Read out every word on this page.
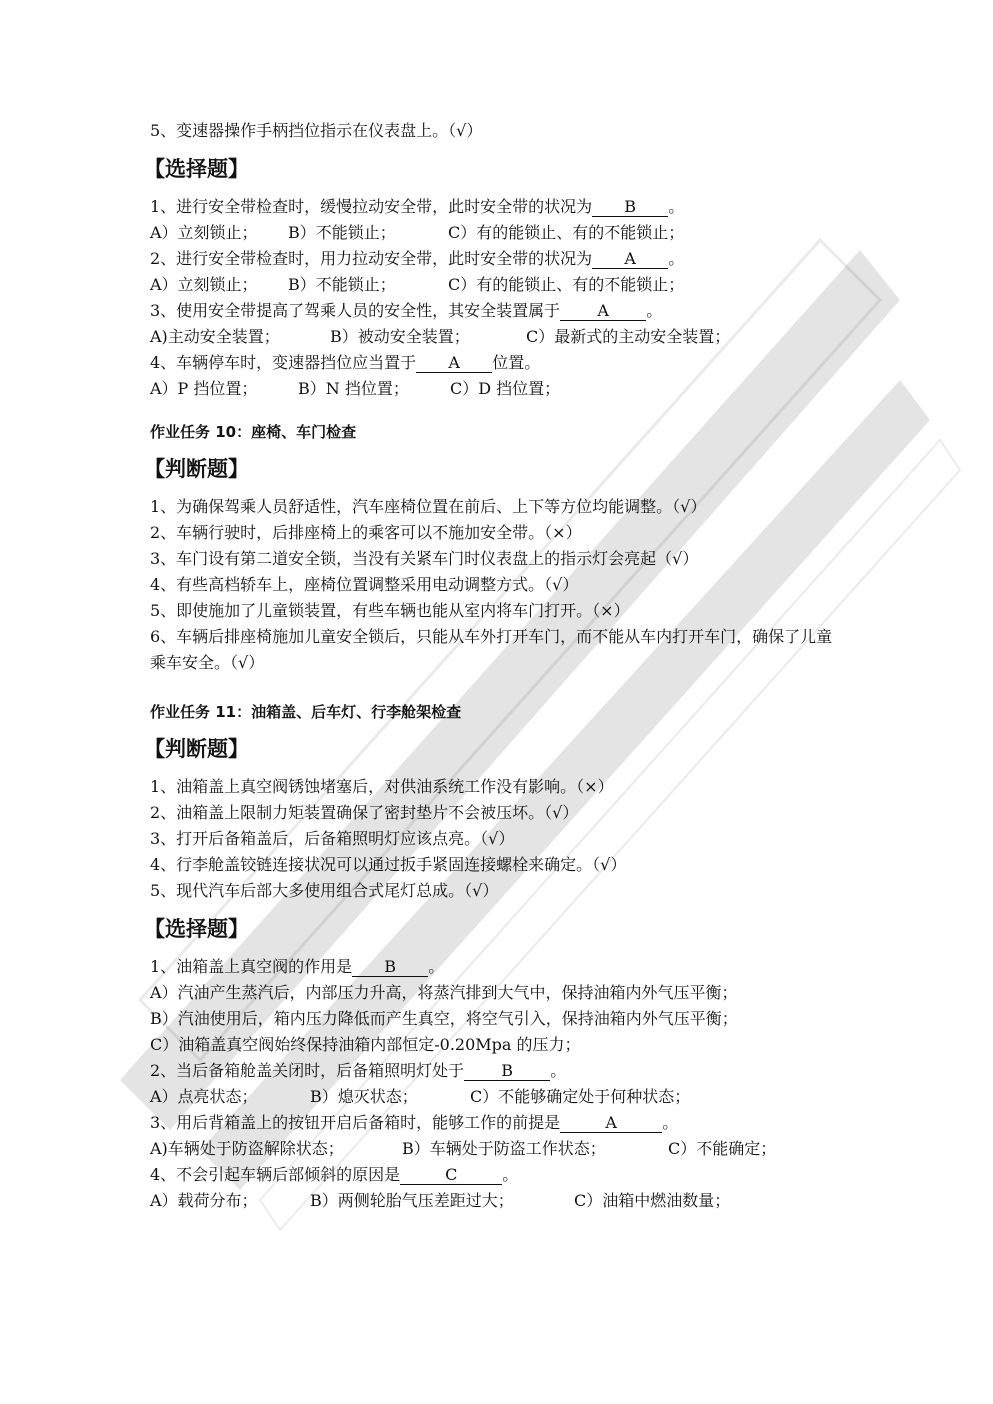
5、变速器操作手柄挡位指示在仪表盘上。（√）

【选择题】

1、进行安全带检查时，缓慢拉动安全带，此时安全带的状况为 B 。

A）立刻锁止；	B）不能锁止；	C）有的能锁止、有的不能锁止；

2、进行安全带检查时，用力拉动安全带，此时安全带的状况为 A 。

A）立刻锁止；	B）不能锁止；	C）有的能锁止、有的不能锁止；

3、使用安全带提高了驾乘人员的安全性，其安全装置属于 A 。

A)主动安全装置；	B）被动安全装置；	C）最新式的主动安全装置；

4、车辆停车时，变速器挡位应当置于 A 位置。

A）P 挡位置；	B）N 挡位置；	C）D 挡位置；
作业任务 10：座椅、车门检查
【判断题】

1、为确保驾乘人员舒适性，汽车座椅位置在前后、上下等方位均能调整。（√）

2、车辆行驶时，后排座椅上的乘客可以不施加安全带。（×）

3、车门设有第二道安全锁，当没有关紧车门时仪表盘上的指示灯会亮起（√）

4、有些高档轿车上，座椅位置调整采用电动调整方式。（√）

5、即使施加了儿童锁装置，有些车辆也能从室内将车门打开。（×）

6、车辆后排座椅施加儿童安全锁后，只能从车外打开车门，而不能从车内打开车门，确保了儿童乘车安全。（√）

作业任务 11：油箱盖、后车灯、行李舱架检查
【判断题】

1、油箱盖上真空阀锈蚀堵塞后，对供油系统工作没有影响。（×）

2、油箱盖上限制力矩装置确保了密封垫片不会被压坏。（√）

3、打开后备箱盖后，后备箱照明灯应该点亮。（√）

4、行李舱盖铰链连接状况可以通过扳手紧固连接螺栓来确定。（√）

5、现代汽车后部大多使用组合式尾灯总成。（√）

【选择题】

1、油箱盖上真空阀的作用是 B 。

A）汽油产生蒸汽后，内部压力升高，将蒸汽排到大气中，保持油箱内外气压平衡；

B）汽油使用后，箱内压力降低而产生真空，将空气引入，保持油箱内外气压平衡；

C）油箱盖真空阀始终保持油箱内部恒定-0.20Mpa 的压力；

2、当后备箱舱盖关闭时，后备箱照明灯处于 B 。

A）点亮状态；	B）熄灭状态；	C）不能够确定处于何种状态；

3、用后背箱盖上的按钮开启后备箱时，能够工作的前提是	A	。

A)车辆处于防盗解除状态；	B）车辆处于防盗工作状态；	C）不能确定；

4、不会引起车辆后部倾斜的原因是	C	。

A）载荷分布；	B）两侧轮胎气压差距过大；	C）油箱中燃油数量；
